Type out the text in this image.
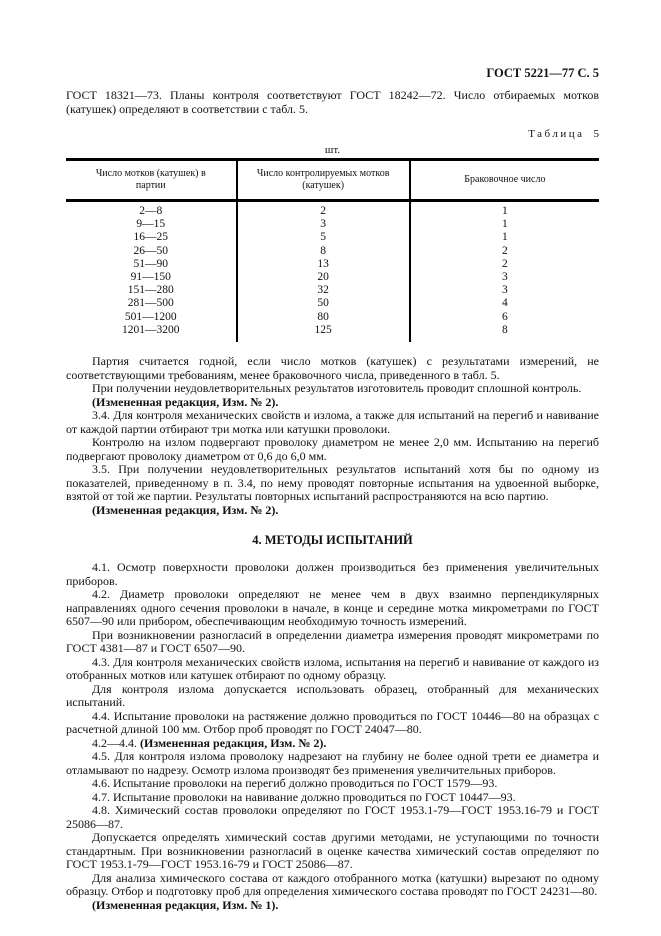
ГОСТ 5221—77 С. 5

ГОСТ 18321—73. Планы контроля соответствуют ГОСТ 18242—72. Число отбираемых мотков (катушек) определяют в соответствии с табл. 5.

Таблица 5
шт.
Число мотков (катушек) в партии	Число контролируемых мотков (катушек)	Браковочное число
2—8	2	1
9—15	3	1
16—25	5	1
26—50	8	2
51—90	13	2
91—150	20	3
151—280	32	3
281—500	50	4
501—1200	80	6
1201—3200	125	8

Партия считается годной, если число мотков (катушек) с результатами измерений, не соответствующими требованиям, менее браковочного числа, приведенного в табл. 5.

При получении неудовлетворительных результатов изготовитель проводит сплошной контроль.

(Измененная редакция, Изм. № 2).

3.4. Для контроля механических свойств и излома, а также для испытаний на перегиб и навивание от каждой партии отбирают три мотка или катушки проволоки.

Контролю на излом подвергают проволоку диаметром не менее 2,0 мм. Испытанию на перегиб подвергают проволоку диаметром от 0,6 до 6,0 мм.

3.5. При получении неудовлетворительных результатов испытаний хотя бы по одному из показателей, приведенному в п. 3.4, по нему проводят повторные испытания на удвоенной выборке, взятой от той же партии. Результаты повторных испытаний распространяются на всю партию.

(Измененная редакция, Изм. № 2).

4. МЕТОДЫ ИСПЫТАНИЙ

4.1. Осмотр поверхности проволоки должен производиться без применения увеличительных приборов.

4.2. Диаметр проволоки определяют не менее чем в двух взаимно перпендикулярных направлениях одного сечения проволоки в начале, в конце и середине мотка микрометрами по ГОСТ 6507—90 или прибором, обеспечивающим необходимую точность измерений.

При возникновении разногласий в определении диаметра измерения проводят микрометрами по ГОСТ 4381—87 и ГОСТ 6507—90.

4.3. Для контроля механических свойств излома, испытания на перегиб и навивание от каждого из отобранных мотков или катушек отбирают по одному образцу.

Для контроля излома допускается использовать образец, отобранный для механических испытаний.

4.4. Испытание проволоки на растяжение должно проводиться по ГОСТ 10446—80 на образцах с расчетной длиной 100 мм. Отбор проб проводят по ГОСТ 24047—80.

4.2—4.4. (Измененная редакция, Изм. № 2).

4.5. Для контроля излома проволоку надрезают на глубину не более одной трети ее диаметра и отламывают по надрезу. Осмотр излома производят без применения увеличительных приборов.

4.6. Испытание проволоки на перегиб должно проводиться по ГОСТ 1579—93.

4.7. Испытание проволоки на навивание должно проводиться по ГОСТ 10447—93.

4.8. Химический состав проволоки определяют по ГОСТ 1953.1-79—ГОСТ 1953.16-79 и ГОСТ 25086—87.

Допускается определять химический состав другими методами, не уступающими по точности стандартным. При возникновении разногласий в оценке качества химический состав определяют по ГОСТ 1953.1-79—ГОСТ 1953.16-79 и ГОСТ 25086—87.

Для анализа химического состава от каждого отобранного мотка (катушки) вырезают по одному образцу. Отбор и подготовку проб для определения химического состава проводят по ГОСТ 24231—80.

(Измененная редакция, Изм. № 1).
